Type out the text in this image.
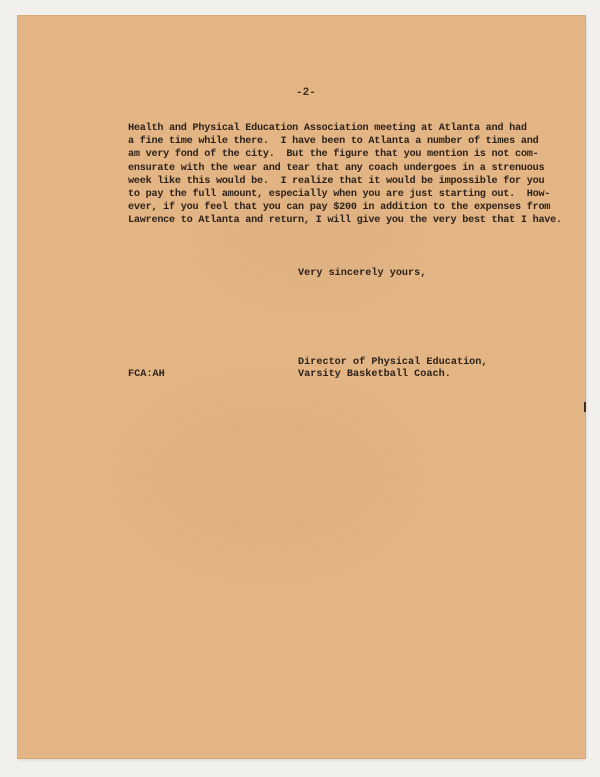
-2-
Health and Physical Education Association meeting at Atlanta and had
a fine time while there.  I have been to Atlanta a number of times and
am very fond of the city.  But the figure that you mention is not com-
ensurate with the wear and tear that any coach undergoes in a strenuous
week like this would be.  I realize that it would be impossible for you
to pay the full amount, especially when you are just starting out.  How-
ever, if you feel that you can pay $200 in addition to the expenses from
Lawrence to Atlanta and return, I will give you the very best that I have.
Very sincerely yours,
Director of Physical Education,
Varsity Basketball Coach.
FCA:AH
